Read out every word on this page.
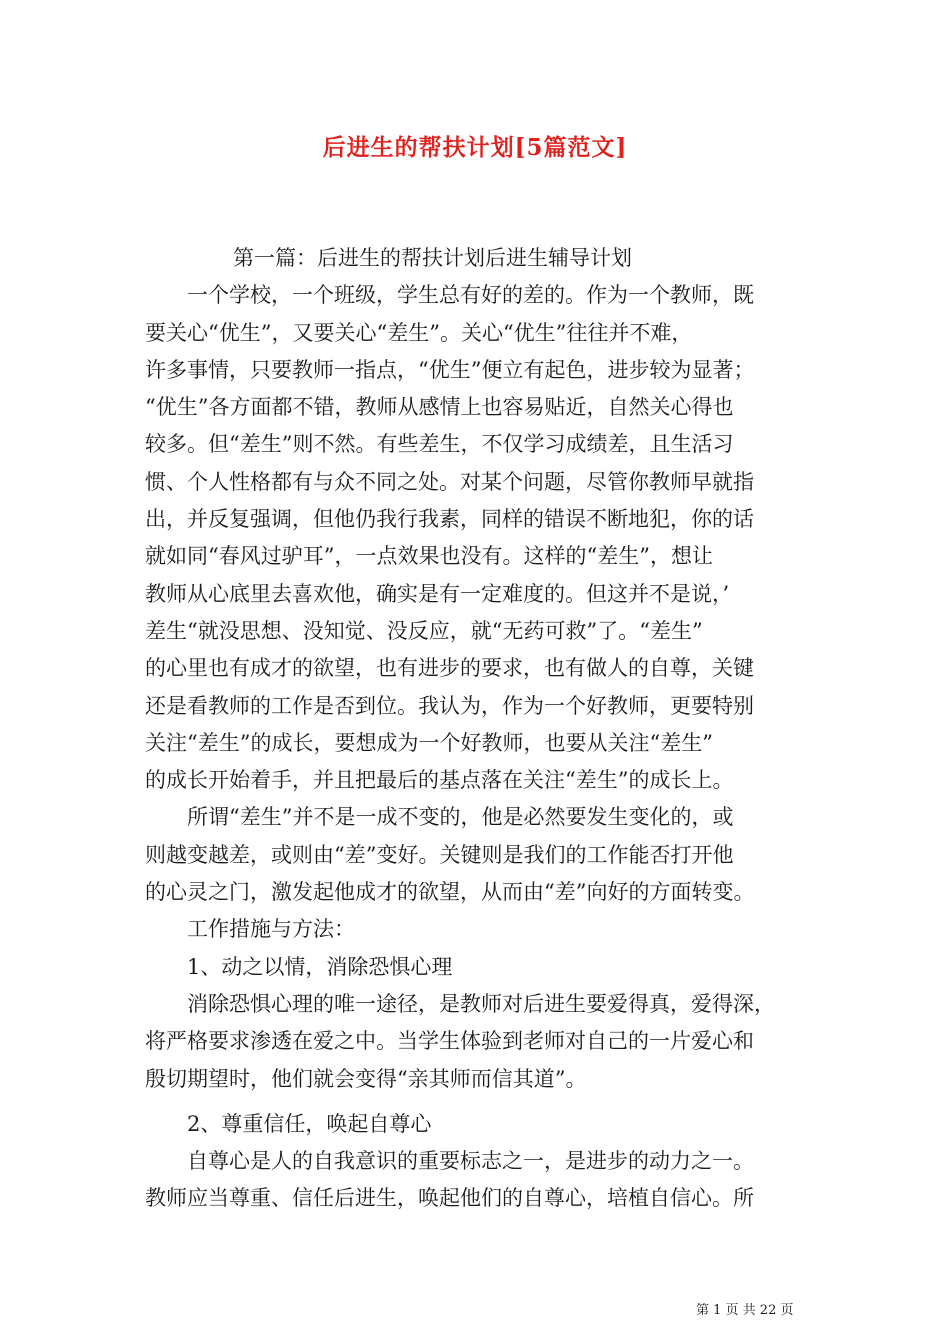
后进生的帮扶计划[5篇范文]
第一篇：后进生的帮扶计划后进生辅导计划
一个学校，一个班级，学生总有好的差的。作为一个教师，既
要关心“优生”，又要关心“差生”。关心“优生”往往并不难，
许多事情，只要教师一指点，“优生”便立有起色，进步较为显著；
“优生”各方面都不错，教师从感情上也容易贴近，自然关心得也
较多。但“差生”则不然。有些差生，不仅学习成绩差，且生活习
惯、个人性格都有与众不同之处。对某个问题，尽管你教师早就指
出，并反复强调，但他仍我行我素，同样的错误不断地犯，你的话
就如同“春风过驴耳”，一点效果也没有。这样的“差生”，想让
教师从心底里去喜欢他，确实是有一定难度的。但这并不是说，’
差生“就没思想、没知觉、没反应，就“无药可救”了。“差生”
的心里也有成才的欲望，也有进步的要求，也有做人的自尊，关键
还是看教师的工作是否到位。我认为，作为一个好教师，更要特别
关注“差生”的成长，要想成为一个好教师，也要从关注“差生”
的成长开始着手，并且把最后的基点落在关注“差生”的成长上。
所谓“差生”并不是一成不变的，他是必然要发生变化的，或
则越变越差，或则由“差”变好。关键则是我们的工作能否打开他
的心灵之门，激发起他成才的欲望，从而由“差”向好的方面转变。
工作措施与方法：
1、动之以情，消除恐惧心理
消除恐惧心理的唯一途径，是教师对后进生要爱得真，爱得深，
将严格要求渗透在爱之中。当学生体验到老师对自己的一片爱心和
殷切期望时，他们就会变得“亲其师而信其道”。
2、尊重信任，唤起自尊心
自尊心是人的自我意识的重要标志之一，是进步的动力之一。
教师应当尊重、信任后进生，唤起他们的自尊心，培植自信心。所
第 1 页 共 22 页
